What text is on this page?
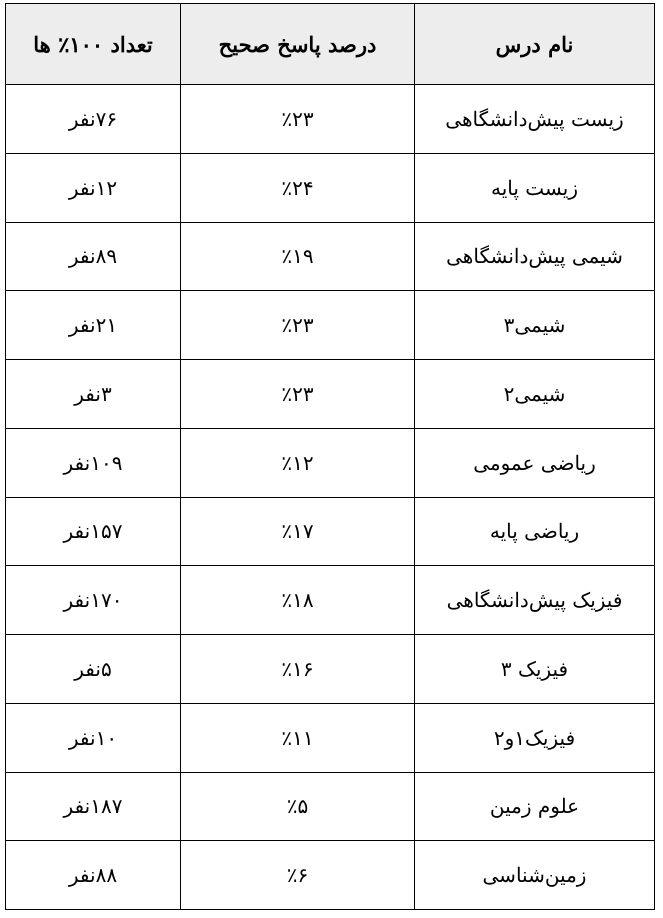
نام درس	درصد پاسخ صحیح	تعداد ۱۰۰٪ ها
زیست پیش‌دانشگاهی	٪۲۳	۷۶نفر
زیست پایه	٪۲۴	۱۲نفر
شیمی پیش‌دانشگاهی	٪۱۹	۸۹نفر
شیمی۳	٪۲۳	۲۱نفر
شیمی۲	٪۲۳	۳نفر
ریاضی عمومی	٪۱۲	۱۰۹نفر
ریاضی پایه	٪۱۷	۱۵۷نفر
فیزیک پیش‌دانشگاهی	٪۱۸	۱۷۰نفر
فیزیک ۳	٪۱۶	۵نفر
فیزیک۱و۲	٪۱۱	۱۰نفر
علوم زمین	٪۵	۱۸۷نفر
زمین‌شناسی	٪۶	۸۸نفر
